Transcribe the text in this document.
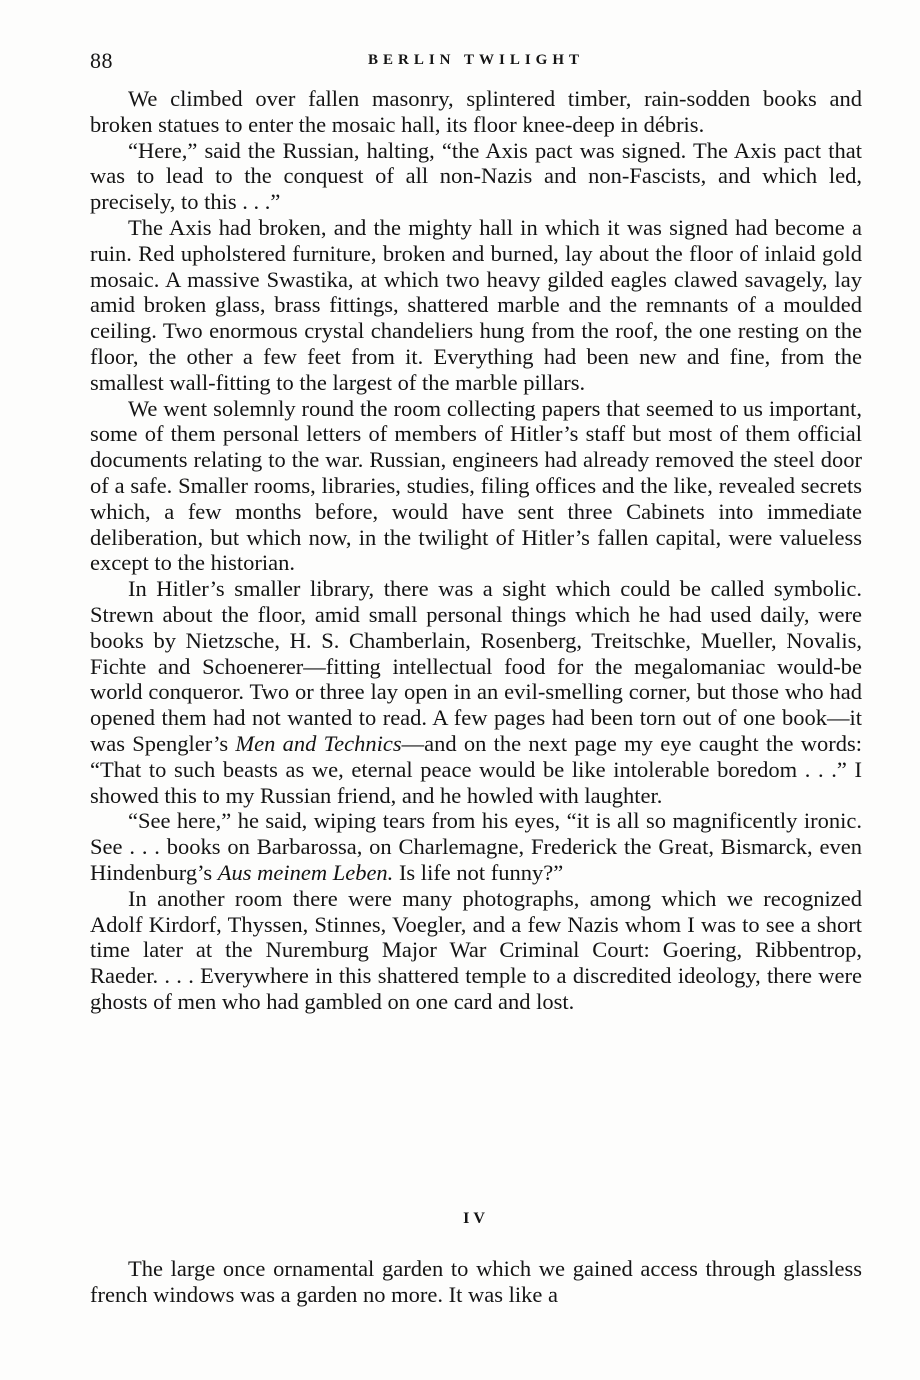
88	BERLIN TWILIGHT

We climbed over fallen masonry, splintered timber, rain-sodden books and broken statues to enter the mosaic hall, its floor knee-deep in débris.

“Here,” said the Russian, halting, “the Axis pact was signed. The Axis pact that was to lead to the conquest of all non-Nazis and non-Fascists, and which led, precisely, to this . . .”

The Axis had broken, and the mighty hall in which it was signed had become a ruin. Red upholstered furniture, broken and burned, lay about the floor of inlaid gold mosaic. A massive Swastika, at which two heavy gilded eagles clawed savagely, lay amid broken glass, brass fittings, shattered marble and the remnants of a moulded ceiling. Two enormous crystal chandeliers hung from the roof, the one resting on the floor, the other a few feet from it. Everything had been new and fine, from the smallest wall-fitting to the largest of the marble pillars.

We went solemnly round the room collecting papers that seemed to us important, some of them personal letters of members of Hitler’s staff but most of them official documents relating to the war. Russian, engineers had already removed the steel door of a safe. Smaller rooms, libraries, studies, filing offices and the like, revealed secrets which, a few months before, would have sent three Cabinets into immediate deliberation, but which now, in the twilight of Hitler’s fallen capital, were valueless except to the historian.

In Hitler’s smaller library, there was a sight which could be called symbolic. Strewn about the floor, amid small personal things which he had used daily, were books by Nietzsche, H. S. Chamberlain, Rosenberg, Treitschke, Mueller, Novalis, Fichte and Schoenerer—fitting intellectual food for the megalomaniac would-be world conqueror. Two or three lay open in an evil-smelling corner, but those who had opened them had not wanted to read. A few pages had been torn out of one book—it was Spengler’s Men and Technics—and on the next page my eye caught the words: “That to such beasts as we, eternal peace would be like intolerable boredom . . .” I showed this to my Russian friend, and he howled with laughter.

“See here,” he said, wiping tears from his eyes, “it is all so magnificently ironic. See . . . books on Barbarossa, on Charlemagne, Frederick the Great, Bismarck, even Hindenburg’s Aus meinem Leben. Is life not funny?”

In another room there were many photographs, among which we recognized Adolf Kirdorf, Thyssen, Stinnes, Voegler, and a few Nazis whom I was to see a short time later at the Nuremburg Major War Criminal Court: Goering, Ribbentrop, Raeder. . . . Everywhere in this shattered temple to a discredited ideology, there were ghosts of men who had gambled on one card and lost.

IV

The large once ornamental garden to which we gained access through glassless french windows was a garden no more. It was like a
